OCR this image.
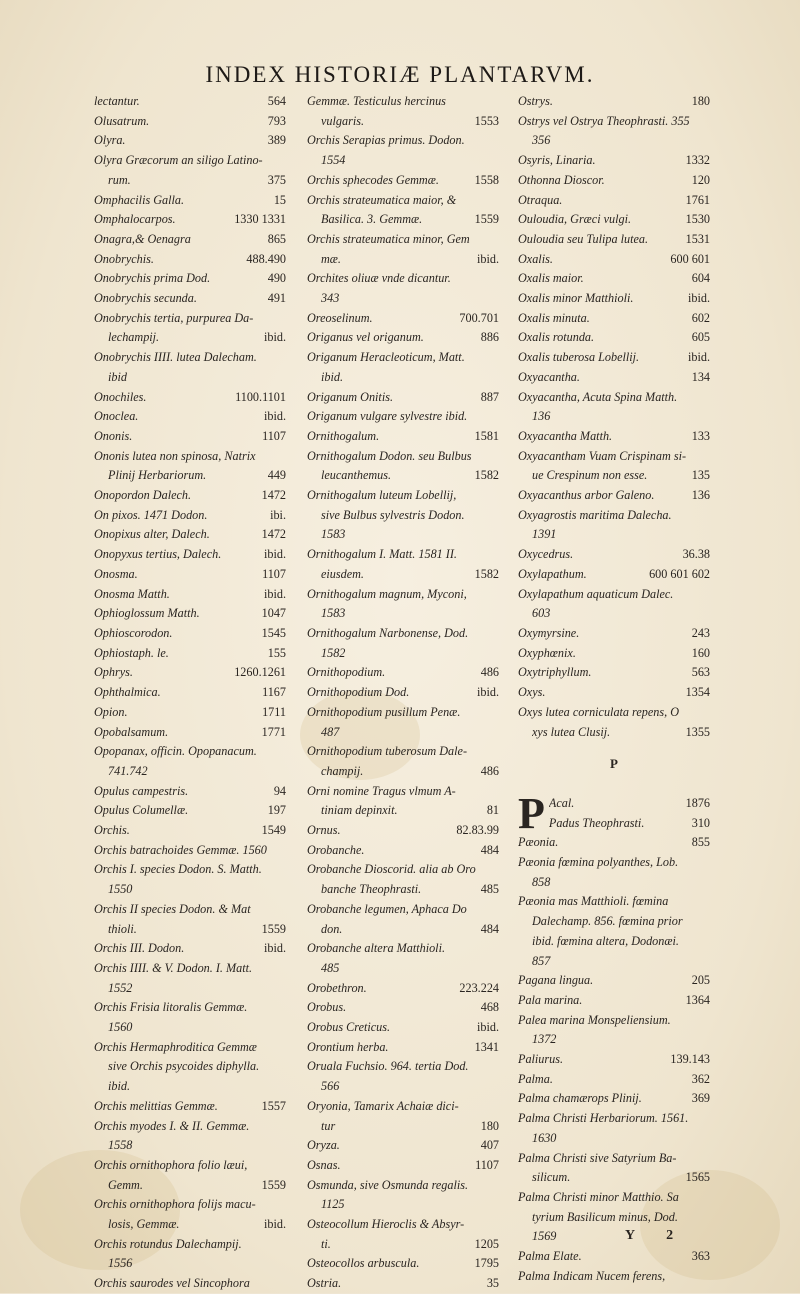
INDEX HISTORIÆ PLANTARVM.
lectantur.	564
Olusatrum.	793
Olyra.	389
Olyra Græcorum an siligo Latino-
rum.	375
Omphacilis Galla.	15
Omphalocarpos.	1330 1331
Onagra,& Oenagra	865
Onobrychis.	488.490
Onobrychis prima Dod.	490
Onobrychis secunda.	491
Onobrychis tertia, purpurea Da-
lechampij.	ibid.
Onobrychis IIII. lutea Dalecham.
ibid
Onochiles.	1100.1101
Onoclea.	ibid.
Ononis.	1107
Ononis lutea non spinosa, Natrix
Plinij Herbariorum.	449
Onopordon Dalech.	1472
On pixos. 1471 Dodon.	ibi.
Onopixus alter, Dalech.	1472
Onopyxus tertius, Dalech.	ibid.
Onosma.	1107
Onosma Matth.	ibid.
Ophioglossum Matth.	1047
Ophioscorodon.	1545
Ophiostaph. le.	155
Ophrys.	1260.1261
Ophthalmica.	1167
Opion.	1711
Opobalsamum.	1771
Opopanax, officin. Opopanacum.
741.742
Opulus campestris.	94
Opulus Columellæ.	197
Orchis.	1549
Orchis batrachoides Gemmæ. 1560
Orchis I. species Dodon. S. Matth.
1550
Orchis II species Dodon. & Mat
thioli.	1559
Orchis III. Dodon.	ibid.
Orchis IIII. & V. Dodon. I. Matt.
1552
Orchis Frisia litoralis Gemmæ.
1560
Orchis Hermaphroditica Gemmæ
sive Orchis psycoides diphylla.
ibid.
Orchis melittias Gemmæ.	1557
Orchis myodes I. & II. Gemmæ.
1558
Orchis ornithophora folio læui,
Gemm.	1559
Orchis ornithophora folijs macu-
losis, Gemmæ.	ibid.
Orchis rotundus Dalechampij.
1556
Orchis saurodes vel Sincophora
Gemmæ. Testiculus hercinus
vulgaris.	1553
Orchis Serapias primus. Dodon.
1554
Orchis sphecodes Gemmæ.	1558
Orchis strateumatica maior, &
Basilica. 3. Gemmæ.	1559
Orchis strateumatica minor, Gem
mæ.	ibid.
Orchites oliuæ vnde dicantur.
343
Oreoselinum.	700.701
Origanus vel origanum.	886
Origanum Heracleoticum, Matt.
ibid.
Origanum Onitis.	887
Origanum vulgare sylvestre ibid.
Ornithogalum.	1581
Ornithogalum Dodon. seu Bulbus
leucanthemus.	1582
Ornithogalum luteum Lobellij,
sive Bulbus sylvestris Dodon.
1583
Ornithogalum I. Matt. 1581 II.
eiusdem.	1582
Ornithogalum magnum, Myconi,
1583
Ornithogalum Narbonense, Dod.
1582
Ornithopodium.	486
Ornithopodium Dod.	ibid.
Ornithopodium pusillum Penæ.
487
Ornithopodium tuberosum Dale-
champij.	486
Orni nomine Tragus vlmum A-
tiniam depinxit.	81
Ornus.	82.83.99
Orobanche.	484
Orobanche Dioscorid. alia ab Oro
banche Theophrasti.	485
Orobanche legumen, Aphaca Do
don.	484
Orobanche altera Matthioli.
485
Orobethron.	223.224
Orobus.	468
Orobus Creticus.	ibid.
Orontium herba.	1341
Oruala Fuchsio. 964. tertia Dod.
566
Oryonia, Tamarix Achaiæ dici-
tur	180
Oryza.	407
Osnas.	1107
Osmunda, sive Osmunda regalis.
1125
Osteocollum Hieroclis & Absyr-
ti.	1205
Osteocollos arbuscula.	1795
Ostria.	35
Ostrys.	180
Ostrys vel Ostrya Theophrasti. 355
356
Osyris, Linaria.	1332
Othonna Dioscor.	120
Otraqua.	1761
Ouloudia, Græci vulgi.	1530
Ouloudia seu Tulipa lutea.	1531
Oxalis.	600 601
Oxalis maior.	604
Oxalis minor Matthioli.	ibid.
Oxalis minuta.	602
Oxalis rotunda.	605
Oxalis tuberosa Lobellij.	ibid.
Oxyacantha.	134
Oxyacantha, Acuta Spina Matth.
136
Oxyacantha Matth.	133
Oxyacantham Vuam Crispinam si-
ue Crespinum non esse.	135
Oxyacanthus arbor Galeno.	136
Oxyagrostis maritima Dalecha.
1391
Oxycedrus.	36.38
Oxylapathum.	600 601 602
Oxylapathum aquaticum Dalec.
603
Oxymyrsine.	243
Oxyphœnix.	160
Oxytriphyllum.	563
Oxys.	1354
Oxys lutea corniculata repens, O
xys lutea Clusij.	1355
P
P Acal.	1876
Padus Theophrasti.	310
Pæonia.	855
Pæonia fœmina polyanthes, Lob.
858
Pæonia mas Matthioli. fœmina
Dalechamp. 856. fœmina prior
ibid. fœmina altera, Dodonæi.
857
Pagana lingua.	205
Pala marina.	1364
Palea marina Monspeliensium.
1372
Paliurus.	139.143
Palma.	362
Palma chamærops Plinij.	369
Palma Christi Herbariorum. 1561.
1630
Palma Christi sive Satyrium Ba-
silicum.	1565
Palma Christi minor Matthio. Sa
tyrium Basilicum minus, Dod.
1569
Palma Elate.	363
Palma Indicam Nucem ferens,
Y 2
